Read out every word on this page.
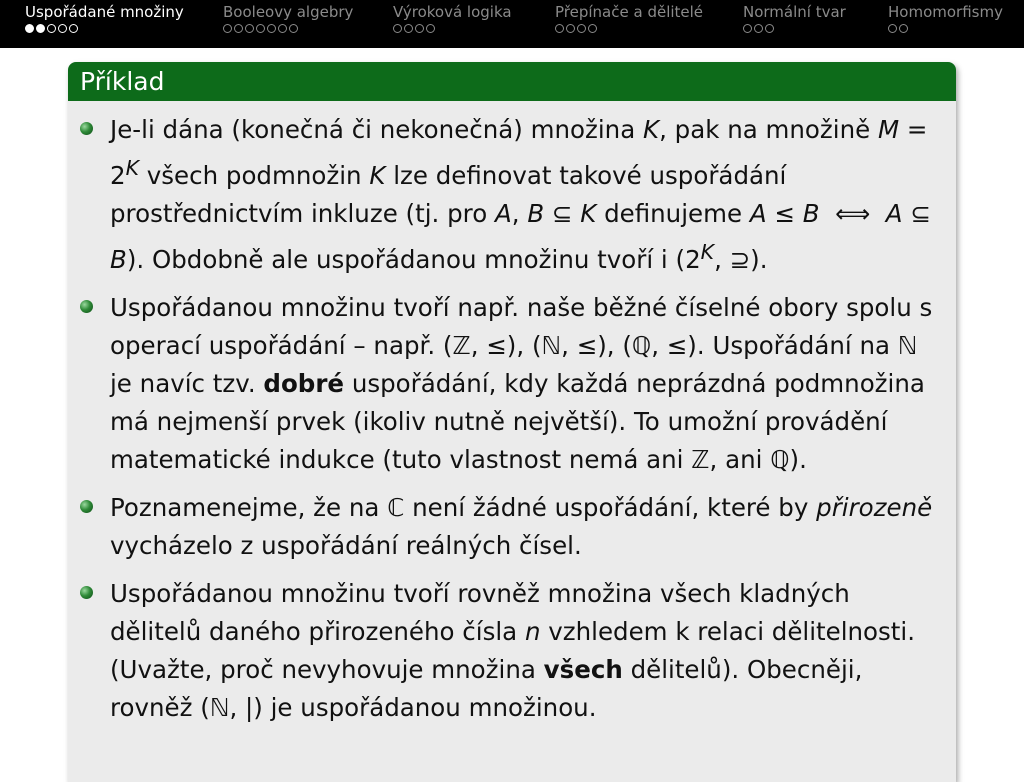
Uspořádané množiny	Booleovy algebry	Výroková logika	Přepínače a dělitelé	Normální tvar	Homomorfismy
Příklad

Je-li dána (konečná či nekonečná) množina K, pak na množině $M = 2^K$ všech podmnožin K lze definovat takové uspořádání prostřednictvím inkluze (tj. pro A, B ⊆ K definujeme A ≤ B  ⟺  A ⊆ B). Obdobně ale uspořádanou množinu tvoří i ($2^K$, ⊇).

Uspořádanou množinu tvoří např. naše běžné číselné obory spolu s operací uspořádání – např. (ℤ, ≤), (ℕ, ≤), (ℚ, ≤). Uspořádání na ℕ je navíc tzv. dobré uspořádání, kdy každá neprázdná podmnožina má nejmenší prvek (ikoliv nutně největší). To umožní provádění matematické indukce (tuto vlastnost nemá ani ℤ, ani ℚ).

Poznamenejme, že na ℂ není žádné uspořádání, které by přirozeně vycházelo z uspořádání reálných čísel.

Uspořádanou množinu tvoří rovněž množina všech kladných dělitelů daného přirozeného čísla n vzhledem k relaci dělitelnosti.(Uvažte, proč nevyhovuje množina všech dělitelů). Obecněji, rovněž (ℕ, |) je uspořádanou množinou.
